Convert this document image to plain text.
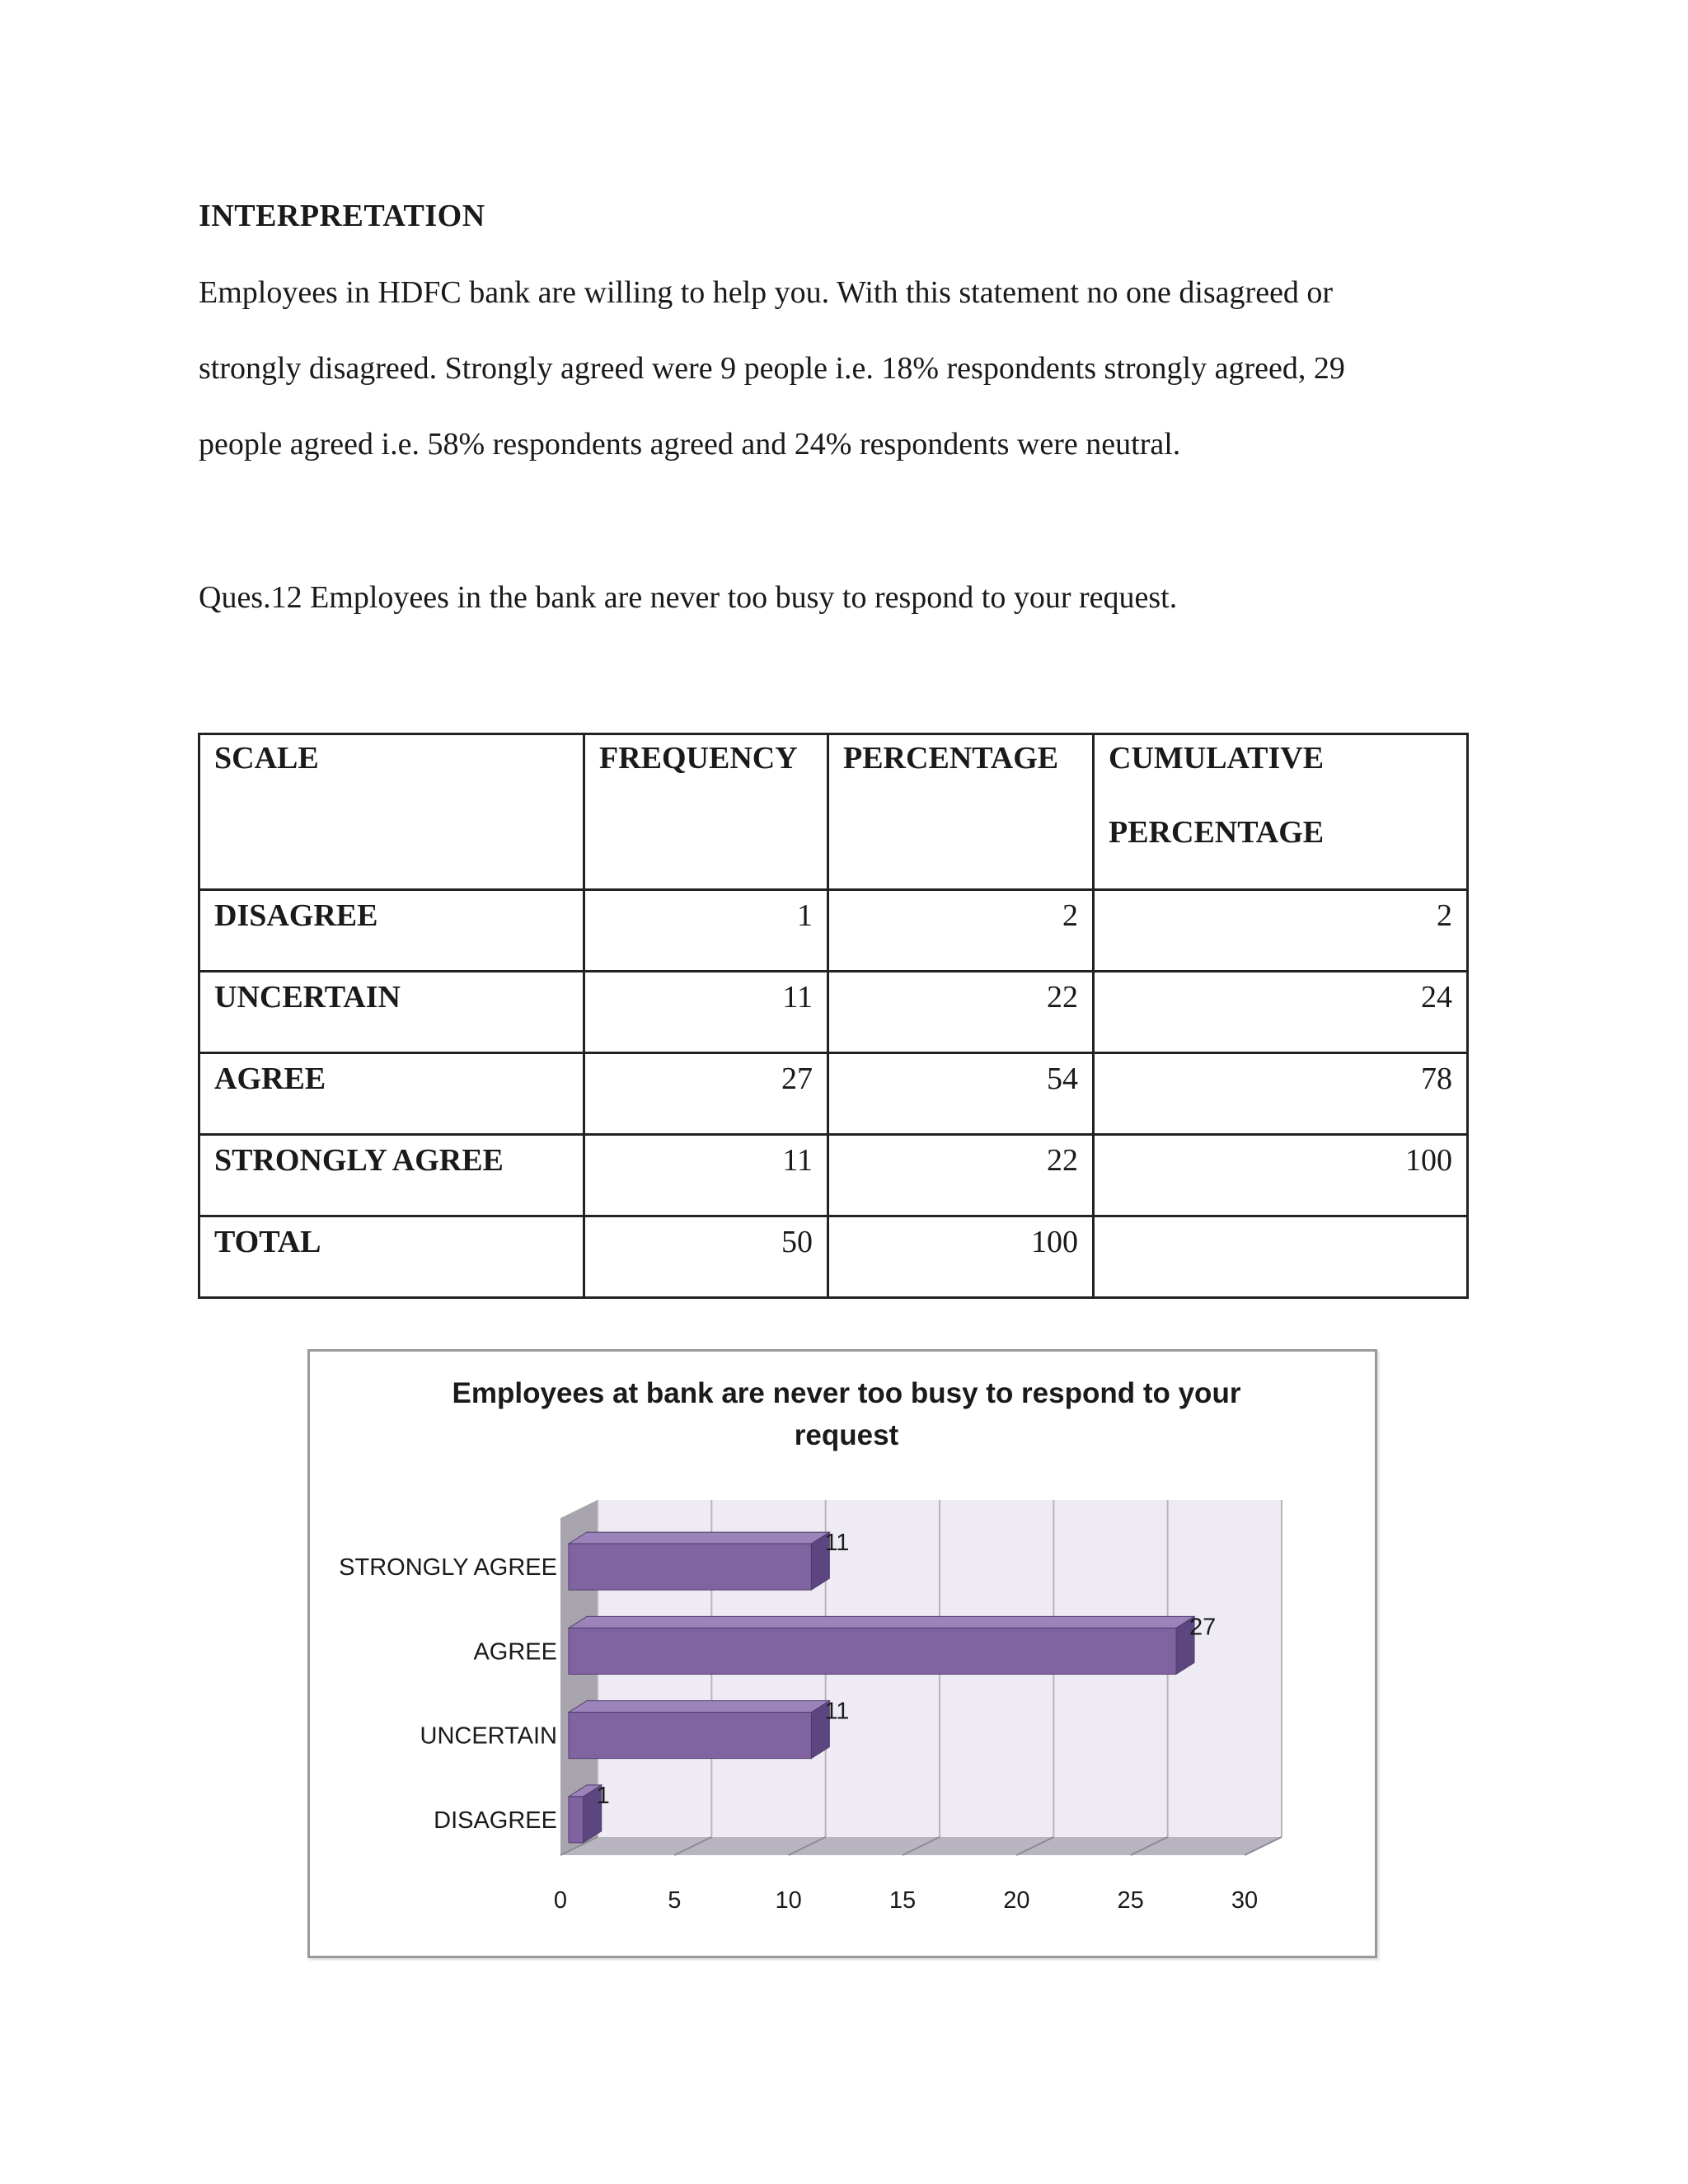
INTERPRETATION
Employees in HDFC bank are willing to help you. With this statement no one disagreed or
strongly disagreed. Strongly agreed were 9 people i.e. 18% respondents strongly agreed, 29
people agreed i.e. 58% respondents agreed and 24% respondents were neutral.
Ques.12 Employees in the bank are never too busy to respond to your request.
SCALE	FREQUENCY	PERCENTAGE	CUMULATIVE
PERCENTAGE

DISAGREE	1	2	2
UNCERTAIN	11	22	24
AGREE	27	54	78
STRONGLY AGREE	11	22	100
TOTAL	50	100	
Employees at bank are never too busy to respond to your
request
0	5	10	15	20	25	30
11
STRONGLY AGREE
27
AGREE
11
UNCERTAIN
1
DISAGREE
